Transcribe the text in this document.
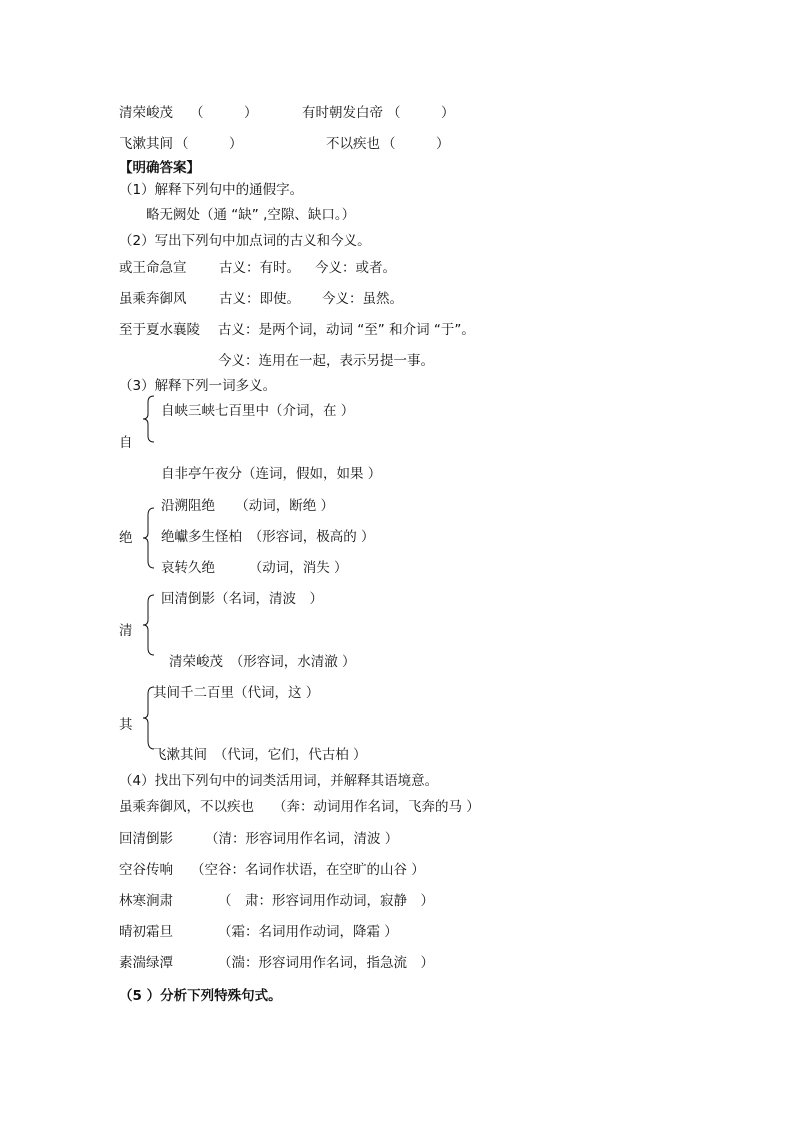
清荣峻茂 （　　　）	有时朝发白帝 （　　　）
飞漱其间 （　　　）	不以疾也 （　　　）
【明确答案】
（1）解释下列句中的通假字。
略无阙处（通 “缺” ,空隙、缺口。）
（2）写出下列句中加点词的古义和今义。
或王命急宣 古义：有时。 今义：或者。
虽乘奔御风 古义：即使。 今义：虽然。
至于夏水襄陵 古义：是两个词，动词 “至” 和介词 “于”。
今义：连用在一起，表示另提一事。
（3）解释下列一词多义。
自
自峡三峡七百里中（介词，在 ）
自非亭午夜分（连词，假如，如果 ）
绝
沿溯阻绝　　（动词，断绝 ）
绝巘多生怪柏　（形容词，极高的 ）
哀转久绝　　　（动词，消失 ）
清
回清倒影（名词，清波　）
清荣峻茂　（形容词，水清澈 ）
其
其间千二百里（代词，这 ）
飞漱其间　（代词，它们，代古柏 ）
（4）找出下列句中的词类活用词，并解释其语境意。
虽乘奔御风，不以疾也 （奔：动词用作名词，飞奔的马 ）
回清倒影 （清：形容词用作名词，清波 ）
空谷传响 （空谷：名词作状语，在空旷的山谷 ）
林寒涧肃	（　肃：形容词用作动词，寂静　）
晴初霜旦	（霜：名词用作动词，降霜 ）
素湍绿潭	（湍：形容词用作名词，指急流　）
（5 ）分析下列特殊句式。
